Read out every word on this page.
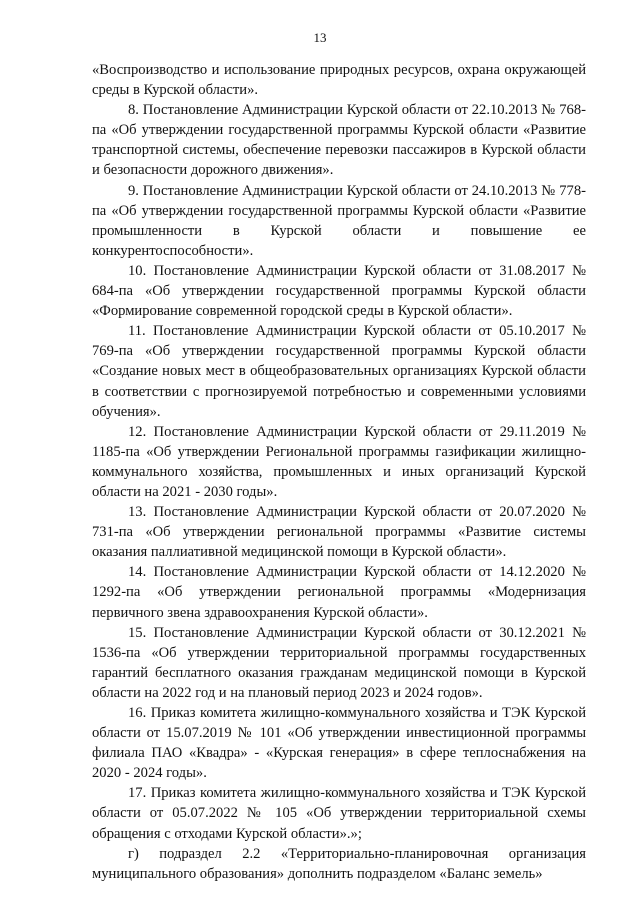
13

«Воспроизводство и использование природных ресурсов, охрана окружающей среды в Курской области».

8. Постановление Администрации Курской области от 22.10.2013 № 768-па «Об утверждении государственной программы Курской области «Развитие транспортной системы, обеспечение перевозки пассажиров в Курской области и безопасности дорожного движения».

9. Постановление Администрации Курской области от 24.10.2013 № 778-па «Об утверждении государственной программы Курской области «Развитие промышленности в Курской области и повышение ее конкурентоспособности».

10. Постановление Администрации Курской области от 31.08.2017 № 684-па «Об утверждении государственной программы Курской области «Формирование современной городской среды в Курской области».

11. Постановление Администрации Курской области от 05.10.2017 № 769-па «Об утверждении государственной программы Курской области «Создание новых мест в общеобразовательных организациях Курской области в соответствии с прогнозируемой потребностью и современными условиями обучения».

12. Постановление Администрации Курской области от 29.11.2019 № 1185-па «Об утверждении Региональной программы газификации жилищно-коммунального хозяйства, промышленных и иных организаций Курской области на 2021 - 2030 годы».

13. Постановление Администрации Курской области от 20.07.2020 № 731-па «Об утверждении региональной программы «Развитие системы оказания паллиативной медицинской помощи в Курской области».

14. Постановление Администрации Курской области от 14.12.2020 № 1292-па «Об утверждении региональной программы «Модернизация первичного звена здравоохранения Курской области».

15. Постановление Администрации Курской области от 30.12.2021 № 1536-па «Об утверждении территориальной программы государственных гарантий бесплатного оказания гражданам медицинской помощи в Курской области на 2022 год и на плановый период 2023 и 2024 годов».

16. Приказ комитета жилищно-коммунального хозяйства и ТЭК Курской области от 15.07.2019 № 101 «Об утверждении инвестиционной программы филиала ПАО «Квадра» - «Курская генерация» в сфере теплоснабжения на 2020 - 2024 годы».

17. Приказ комитета жилищно-коммунального хозяйства и ТЭК Курской области от 05.07.2022 № 105 «Об утверждении территориальной схемы обращения с отходами Курской области».»;

г) подраздел 2.2 «Территориально-планировочная организация муниципального образования» дополнить подразделом «Баланс земель»
